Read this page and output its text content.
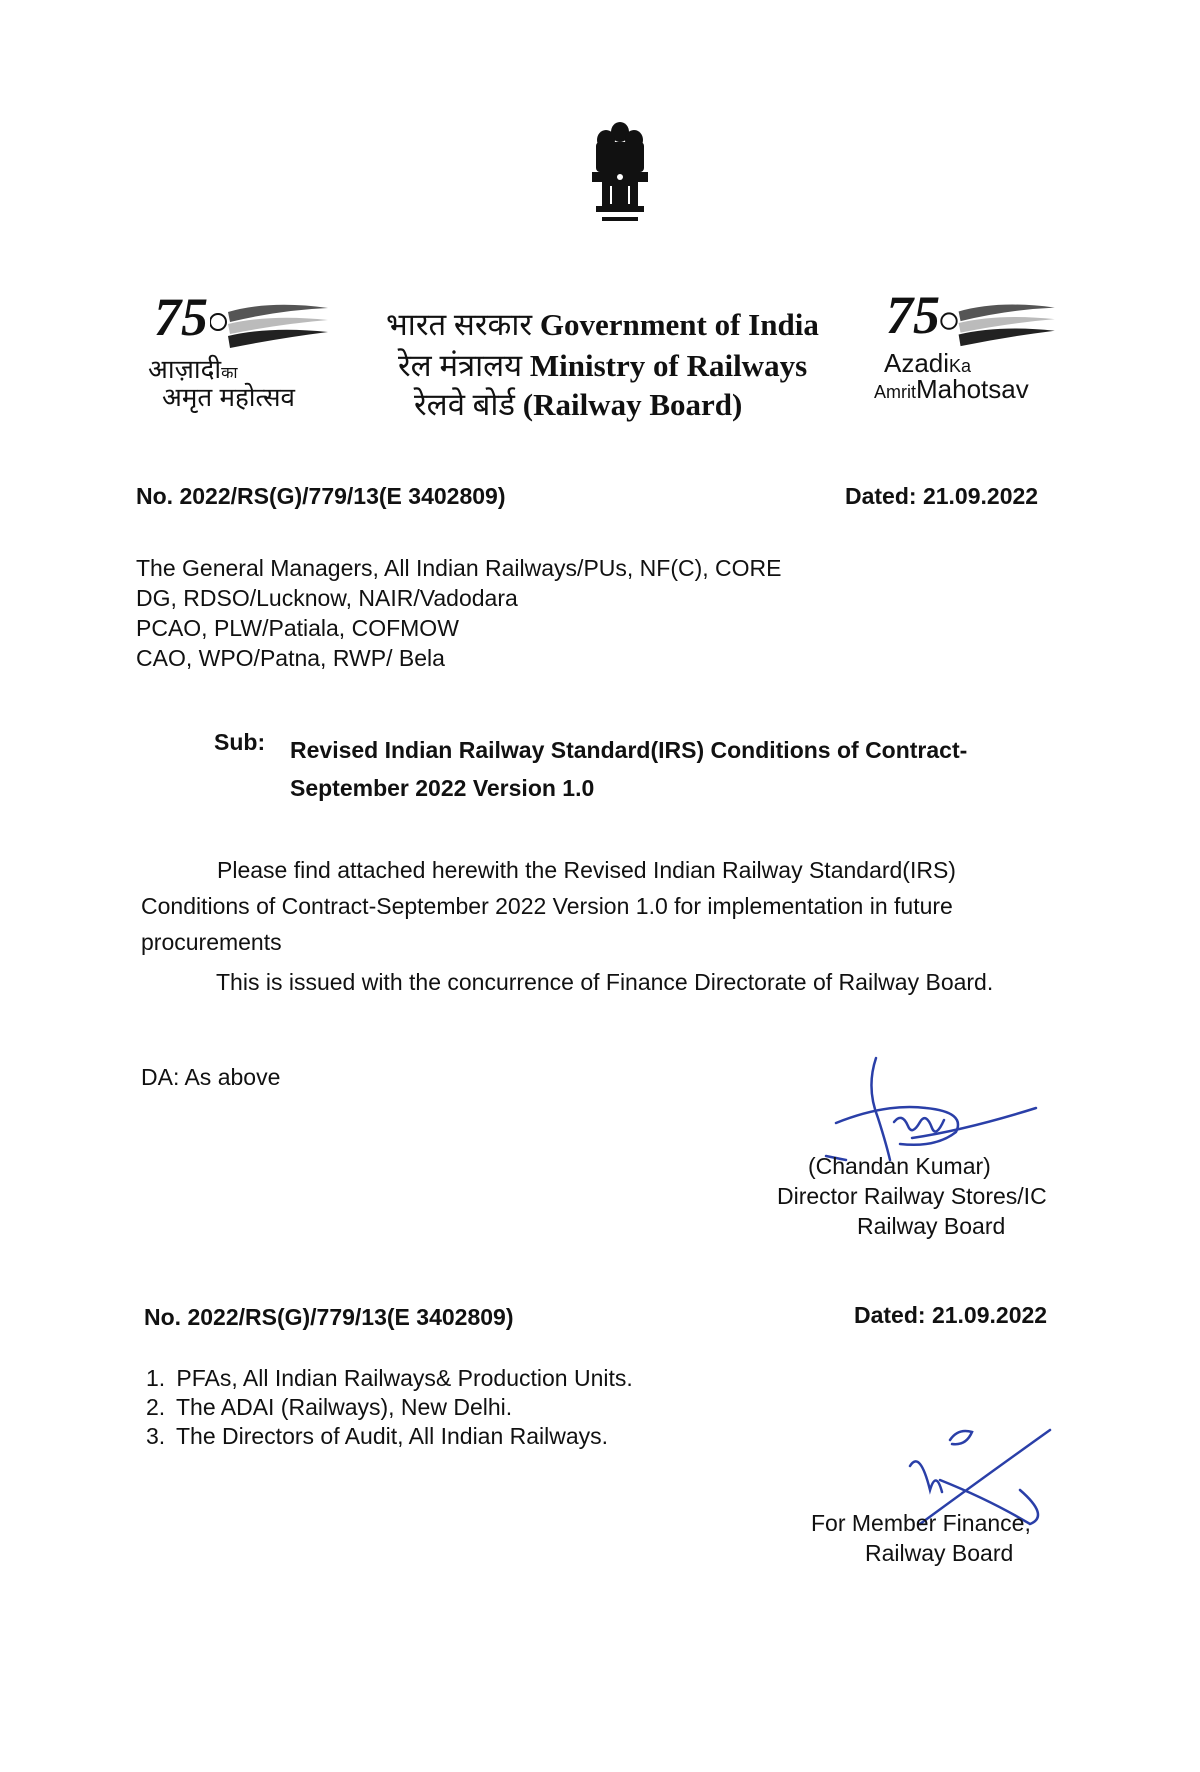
75
आज़ादीका
अमृत महोत्सव
भारत सरकार Government of India
रेल मंत्रालय Ministry of Railways
रेलवे बोर्ड (Railway Board)
75
AzadiKa
AmritMahotsav
No. 2022/RS(G)/779/13(E 3402809)	Dated: 21.09.2022
The General Managers, All Indian Railways/PUs, NF(C), CORE
DG, RDSO/Lucknow, NAIR/Vadodara
PCAO, PLW/Patiala, COFMOW
CAO, WPO/Patna, RWP/ Bela
Sub: Revised Indian Railway Standard(IRS) Conditions of Contract-
September 2022 Version 1.0
Please find attached herewith the Revised Indian Railway Standard(IRS) Conditions of Contract-September 2022 Version 1.0 for implementation in future procurements
This is issued with the concurrence of Finance Directorate of Railway Board.
DA: As above
(Chandan Kumar)
Director Railway Stores/IC
Railway Board
No. 2022/RS(G)/779/13(E 3402809)	Dated: 21.09.2022
1. PFAs, All Indian Railways& Production Units.
2. The ADAI (Railways), New Delhi.
3. The Directors of Audit, All Indian Railways.
For Member Finance,
Railway Board
